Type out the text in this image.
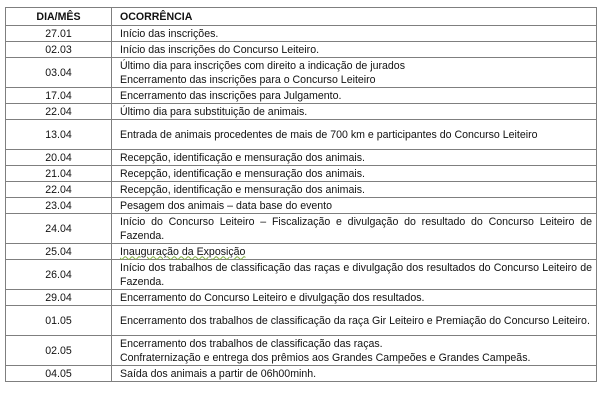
DIA/MÊS	OCORRÊNCIA
27.01	Início das inscrições.

02.03	Início das inscrições do Concurso Leiteiro.

03.04	Último dia para inscrições com direito a indicação de jurados
Encerramento das inscrições para o Concurso Leiteiro

17.04	Encerramento das inscrições para Julgamento.

22.04	Último dia para substituição de animais.

13.04	Entrada de animais procedentes de mais de 700 km e participantes do Concurso Leiteiro

20.04	Recepção, identificação e mensuração dos animais.

21.04	Recepção, identificação e mensuração dos animais.

22.04	Recepção, identificação e mensuração dos animais.

23.04	Pesagem dos animais – data base do evento

24.04	Início do Concurso Leiteiro – Fiscalização e divulgação do resultado do Concurso Leiteiro de Fazenda.

25.04	Inauguração da Exposição
26.04	Início dos trabalhos de classificação das raças e divulgação dos resultados do Concurso Leiteiro de Fazenda.

29.04	Encerramento do Concurso Leiteiro e divulgação dos resultados.

01.05	Encerramento dos trabalhos de classificação da raça Gir Leiteiro e Premiação do Concurso Leiteiro.

02.05	Encerramento dos trabalhos de classificação das raças.
Confraternização e entrega dos prêmios aos Grandes Campeões e Grandes Campeãs.

04.05	Saída dos animais a partir de 06h00minh.
